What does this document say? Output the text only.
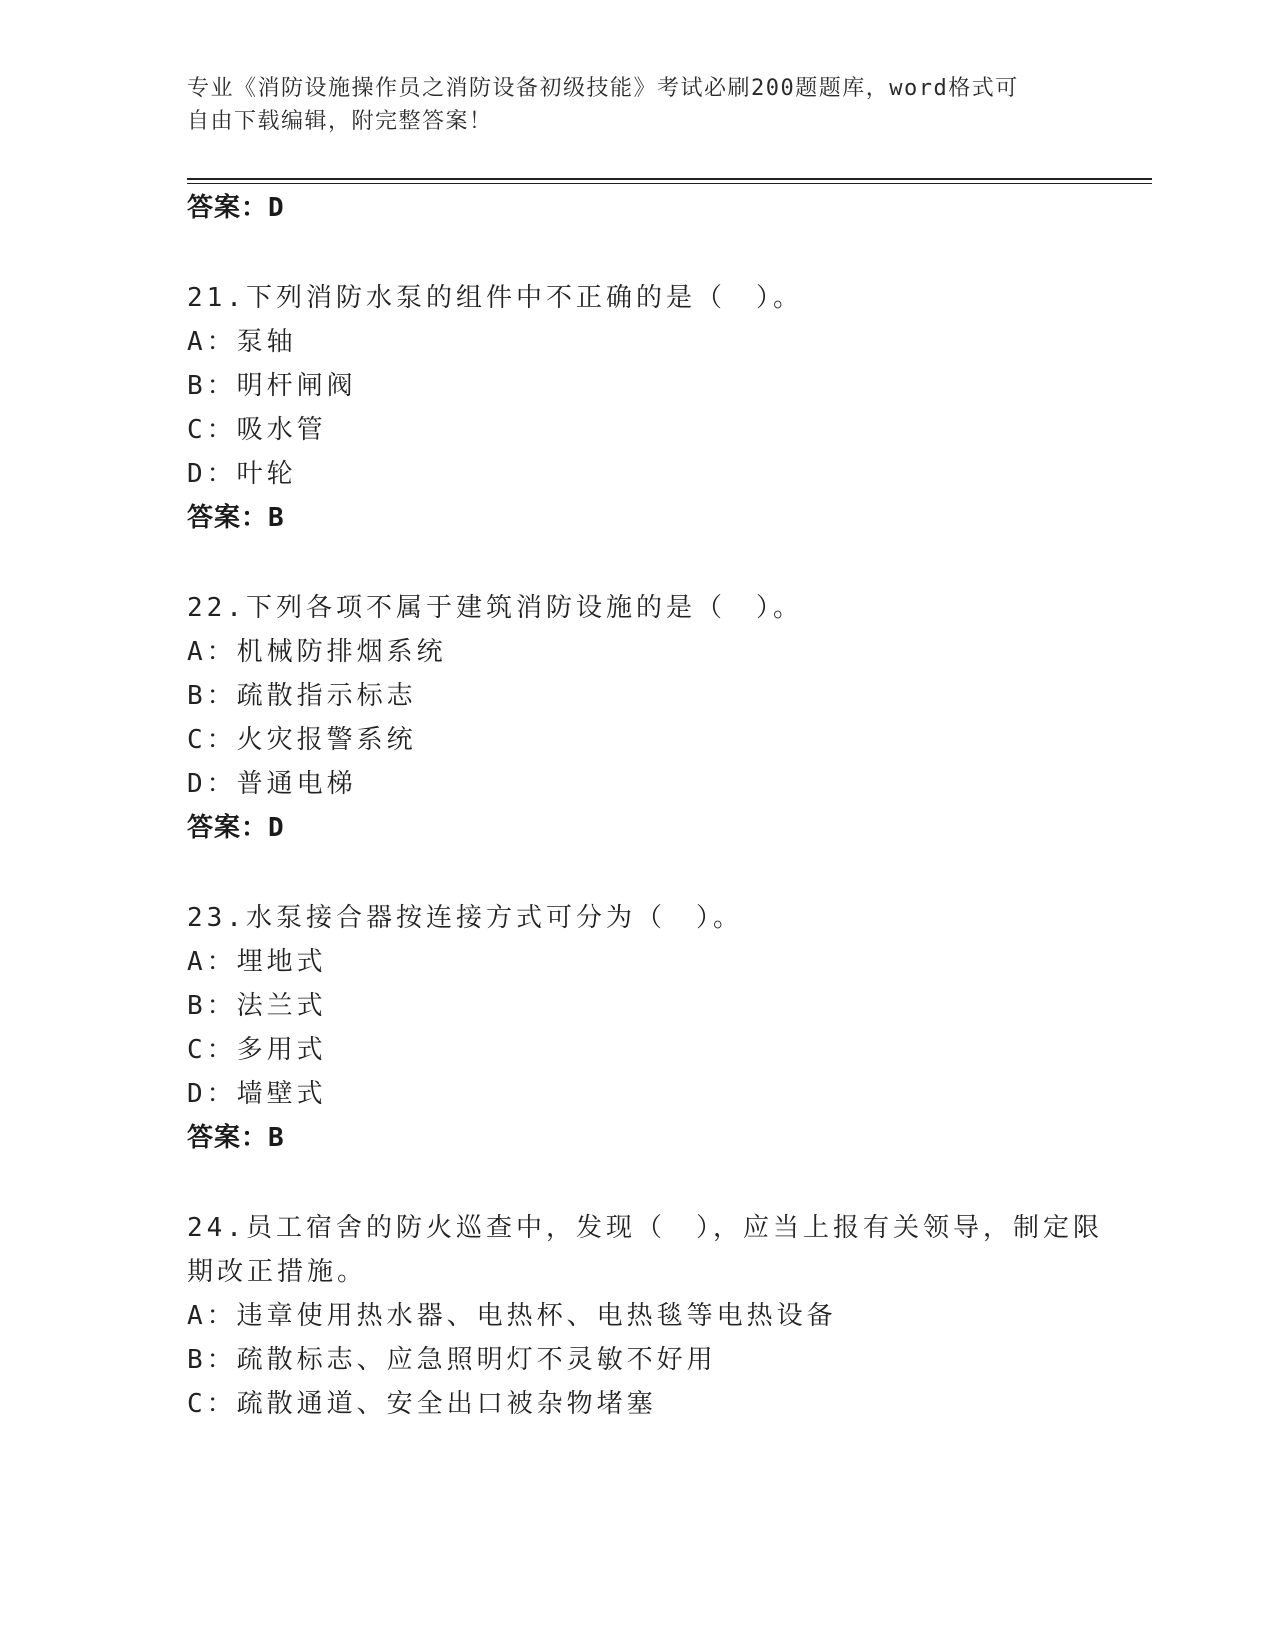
专业《消防设施操作员之消防设备初级技能》考试必刷200题题库，word格式可
自由下载编辑，附完整答案！
答案：D
21.下列消防水泵的组件中不正确的是（　）。
A：泵轴
B：明杆闸阀
C：吸水管
D：叶轮
答案：B
22.下列各项不属于建筑消防设施的是（　）。
A：机械防排烟系统
B：疏散指示标志
C：火灾报警系统
D：普通电梯
答案：D
23.水泵接合器按连接方式可分为（　）。
A：埋地式
B：法兰式
C：多用式
D：墙壁式
答案：B
24.员工宿舍的防火巡查中，发现（　），应当上报有关领导，制定限
期改正措施。
A：违章使用热水器、电热杯、电热毯等电热设备
B：疏散标志、应急照明灯不灵敏不好用
C：疏散通道、安全出口被杂物堵塞
